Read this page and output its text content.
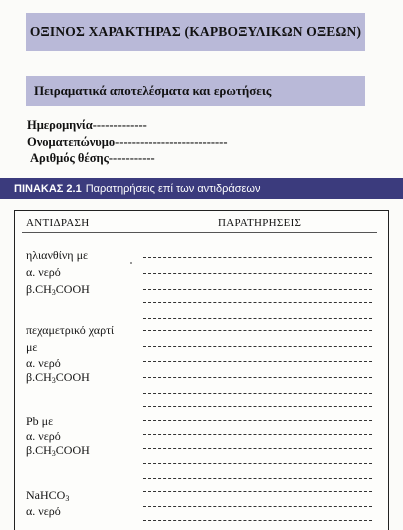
ΟΞΙΝΟΣ ΧΑΡΑΚΤΗΡΑΣ (ΚΑΡΒΟΞΥΛΙΚΩΝ ΟΞΕΩΝ)
Πειραματικά αποτελέσματα και ερωτήσεις
Ημερομηνία-------------
Ονοματεπώνυμο---------------------------
Αριθμός θέσης-----------
ΠΙΝΑΚΑΣ 2.1 Παρατηρήσεις επί των αντιδράσεων
ΑΝΤΙΔΡΑΣΗ	ΠΑΡΑΤΗΡΗΣΕΙΣ
ηλιανθίνη με
α. νερό
$\beta.CH_3COOH$
πεχαμετρικό χαρτί
με
α. νερό
$\beta.CH_3COOH$
Pb με
α. νερό
$\beta.CH_3COOH$
NaHCO$_3$
α. νερό
